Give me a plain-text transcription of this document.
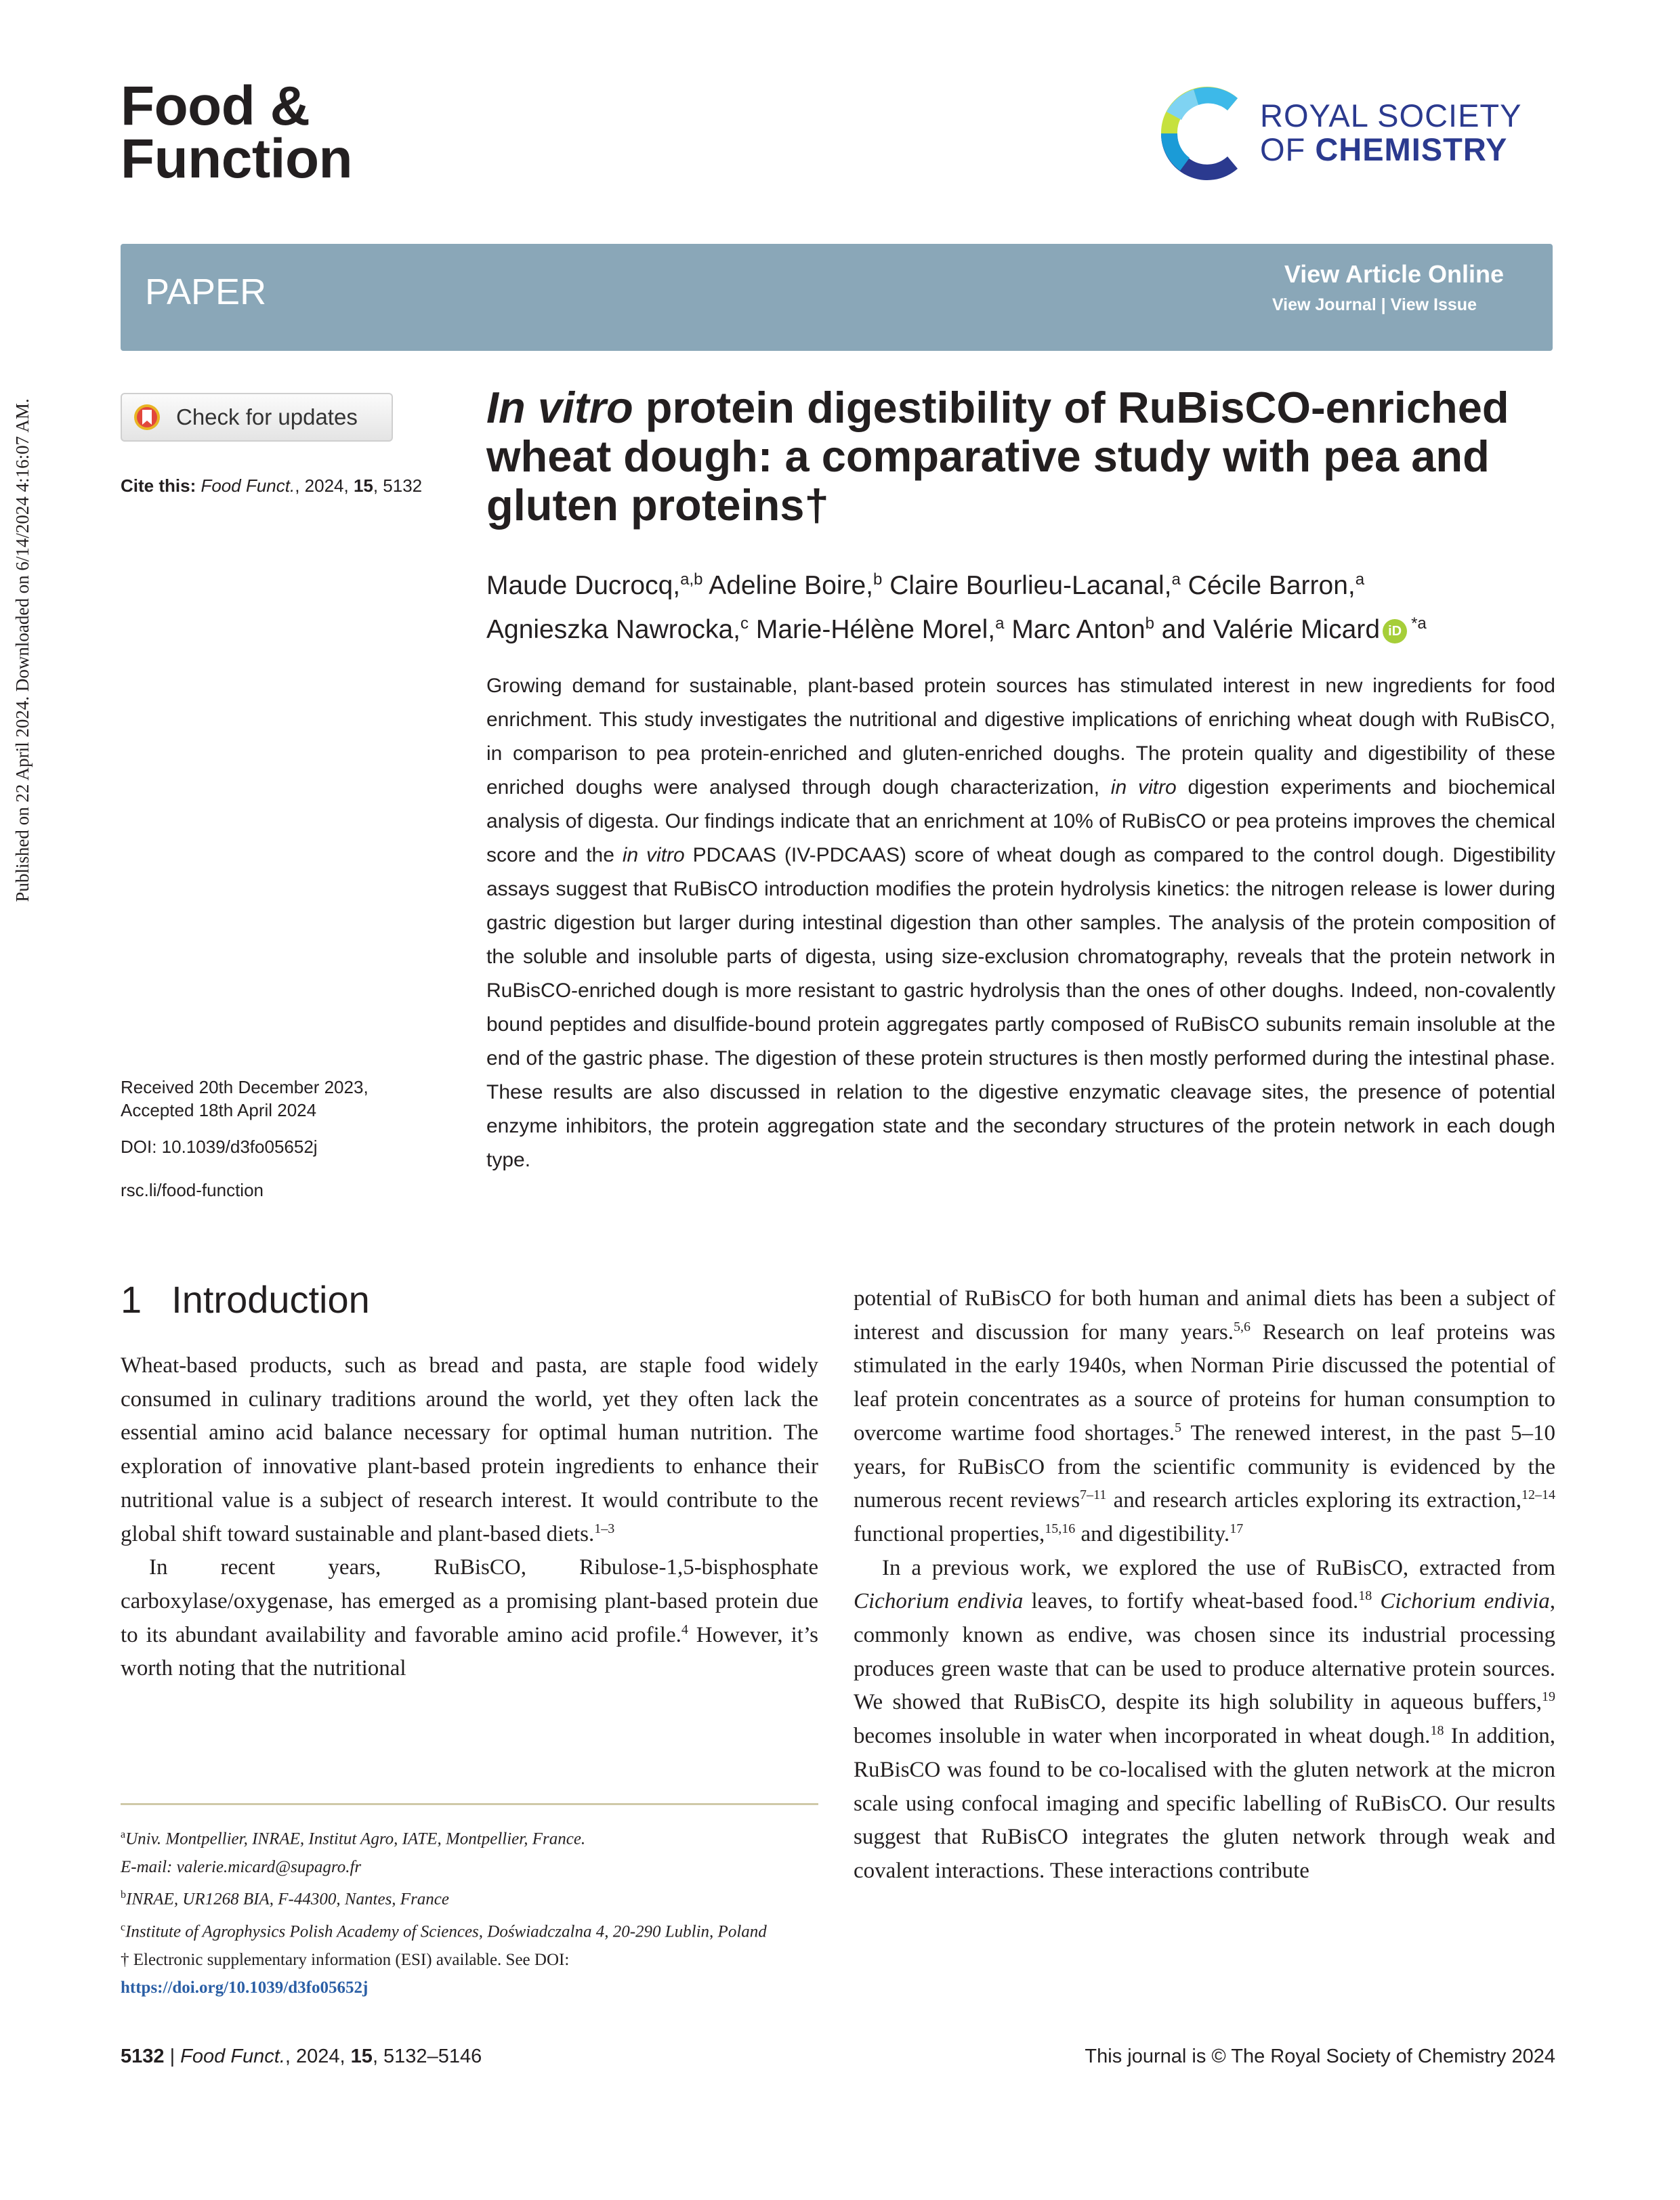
Food &
Function
ROYAL SOCIETY
OF CHEMISTRY
PAPER	View Article Online
View Journal | View Issue
Check for updates
Cite this: Food Funct., 2024, 15, 5132
Published on 22 April 2024. Downloaded on 6/14/2024 4:16:07 AM.	In vitro protein digestibility of RuBisCO-enriched wheat dough: a comparative study with pea and gluten proteins†
Maude Ducrocq,$^{a,b}$ Adeline Boire,$^b$ Claire Bourlieu-Lacanal,$^a$ Cécile Barron,$^a$
Agnieszka Nawrocka,$^c$ Marie-Hélène Morel,$^a$ Marc Anton$^b$ and Valérie Micard iD $^{*a}$
Growing demand for sustainable, plant-based protein sources has stimulated interest in new ingredients for food enrichment. This study investigates the nutritional and digestive implications of enriching wheat dough with RuBisCO, in comparison to pea protein-enriched and gluten-enriched doughs. The protein quality and digestibility of these enriched doughs were analysed through dough characterization, in vitro digestion experiments and biochemical analysis of digesta. Our findings indicate that an enrichment at 10% of RuBisCO or pea proteins improves the chemical score and the in vitro PDCAAS (IV-PDCAAS) score of wheat dough as compared to the control dough. Digestibility assays suggest that RuBisCO introduction modifies the protein hydrolysis kinetics: the nitrogen release is lower during gastric digestion but larger during intestinal digestion than other samples. The analysis of the protein composition of the soluble and insoluble parts of digesta, using size-exclusion chromatography, reveals that the protein network in RuBisCO-enriched dough is more resistant to gastric hydrolysis than the ones of other doughs. Indeed, non-covalently bound peptides and disulfide-bound protein aggregates partly composed of RuBisCO subunits remain insoluble at the end of the gastric phase. The digestion of these protein structures is then mostly performed during the intestinal phase. These results are also discussed in relation to the digestive enzymatic cleavage sites, the presence of potential enzyme inhibitors, the protein aggregation state and the secondary structures of the protein network in each dough type.
Received 20th December 2023,
Accepted 18th April 2024
DOI: 10.1039/d3fo05652j
rsc.li/food-function
1 Introduction

Wheat-based products, such as bread and pasta, are staple food widely consumed in culinary traditions around the world, yet they often lack the essential amino acid balance necessary for optimal human nutrition. The exploration of innovative plant-based protein ingredients to enhance their nutritional value is a subject of research interest. It would contribute to the global shift toward sustainable and plant-based diets.$^{1-3}$

In recent years, RuBisCO, Ribulose-1,5-bisphosphate carboxylase/oxygenase, has emerged as a promising plant-based protein due to its abundant availability and favorable amino acid profile.$^4$ However, it’s worth noting that the nutritional

potential of RuBisCO for both human and animal diets has been a subject of interest and discussion for many years.$^{5,6}$ Research on leaf proteins was stimulated in the early 1940s, when Norman Pirie discussed the potential of leaf protein concentrates as a source of proteins for human consumption to overcome wartime food shortages.$^5$ The renewed interest, in the past 5–10 years, for RuBisCO from the scientific community is evidenced by the numerous recent reviews$^{7-11}$ and research articles exploring its extraction,$^{12-14}$ functional properties,$^{15,16}$ and digestibility.$^{17}$

In a previous work, we explored the use of RuBisCO, extracted from Cichorium endivia leaves, to fortify wheat-based food.$^{18}$ Cichorium endivia, commonly known as endive, was chosen since its industrial processing produces green waste that can be used to produce alternative protein sources. We showed that RuBisCO, despite its high solubility in aqueous buffers,$^{19}$ becomes insoluble in water when incorporated in wheat dough.$^{18}$ In addition, RuBisCO was found to be co-localised with the gluten network at the micron scale using confocal imaging and specific labelling of RuBisCO. Our results suggest that RuBisCO integrates the gluten network through weak and covalent interactions. These interactions contribute

$^a$Univ. Montpellier, INRAE, Institut Agro, IATE, Montpellier, France.
E-mail: valerie.micard@supagro.fr
$^b$INRAE, UR1268 BIA, F-44300, Nantes, France
$^c$Institute of Agrophysics Polish Academy of Sciences, Doświadczalna 4, 20-290 Lublin, Poland
† Electronic supplementary information (ESI) available. See DOI: https://doi.org/10.1039/d3fo05652j
5132 | Food Funct., 2024, 15, 5132–5146	This journal is © The Royal Society of Chemistry 2024
